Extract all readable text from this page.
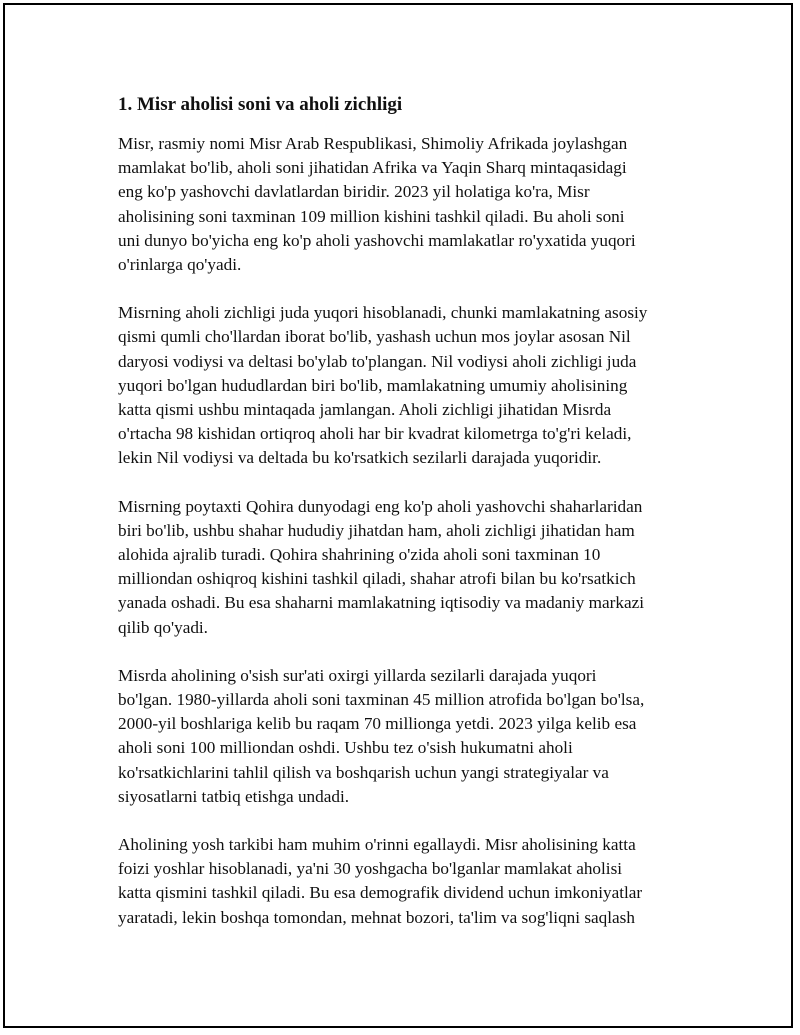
1. Misr aholisi soni va aholi zichligi

Misr, rasmiy nomi Misr Arab Respublikasi, Shimoliy Afrikada joylashgan
mamlakat bo'lib, aholi soni jihatidan Afrika va Yaqin Sharq mintaqasidagi
eng ko'p yashovchi davlatlardan biridir. 2023 yil holatiga ko'ra, Misr
aholisining soni taxminan 109 million kishini tashkil qiladi. Bu aholi soni
uni dunyo bo'yicha eng ko'p aholi yashovchi mamlakatlar ro'yxatida yuqori
o'rinlarga qo'yadi.

Misrning aholi zichligi juda yuqori hisoblanadi, chunki mamlakatning asosiy
qismi qumli cho'llardan iborat bo'lib, yashash uchun mos joylar asosan Nil
daryosi vodiysi va deltasi bo'ylab to'plangan. Nil vodiysi aholi zichligi juda
yuqori bo'lgan hududlardan biri bo'lib, mamlakatning umumiy aholisining
katta qismi ushbu mintaqada jamlangan. Aholi zichligi jihatidan Misrda
o'rtacha 98 kishidan ortiqroq aholi har bir kvadrat kilometrga to'g'ri keladi,
lekin Nil vodiysi va deltada bu ko'rsatkich sezilarli darajada yuqoridir.

Misrning poytaxti Qohira dunyodagi eng ko'p aholi yashovchi shaharlaridan
biri bo'lib, ushbu shahar hududiy jihatdan ham, aholi zichligi jihatidan ham
alohida ajralib turadi. Qohira shahrining o'zida aholi soni taxminan 10
milliondan oshiqroq kishini tashkil qiladi, shahar atrofi bilan bu ko'rsatkich
yanada oshadi. Bu esa shaharni mamlakatning iqtisodiy va madaniy markazi
qilib qo'yadi.

Misrda aholining o'sish sur'ati oxirgi yillarda sezilarli darajada yuqori
bo'lgan. 1980-yillarda aholi soni taxminan 45 million atrofida bo'lgan bo'lsa,
2000-yil boshlariga kelib bu raqam 70 millionga yetdi. 2023 yilga kelib esa
aholi soni 100 milliondan oshdi. Ushbu tez o'sish hukumatni aholi
ko'rsatkichlarini tahlil qilish va boshqarish uchun yangi strategiyalar va
siyosatlarni tatbiq etishga undadi.

Aholining yosh tarkibi ham muhim o'rinni egallaydi. Misr aholisining katta
foizi yoshlar hisoblanadi, ya'ni 30 yoshgacha bo'lganlar mamlakat aholisi
katta qismini tashkil qiladi. Bu esa demografik dividend uchun imkoniyatlar
yaratadi, lekin boshqa tomondan, mehnat bozori, ta'lim va sog'liqni saqlash
